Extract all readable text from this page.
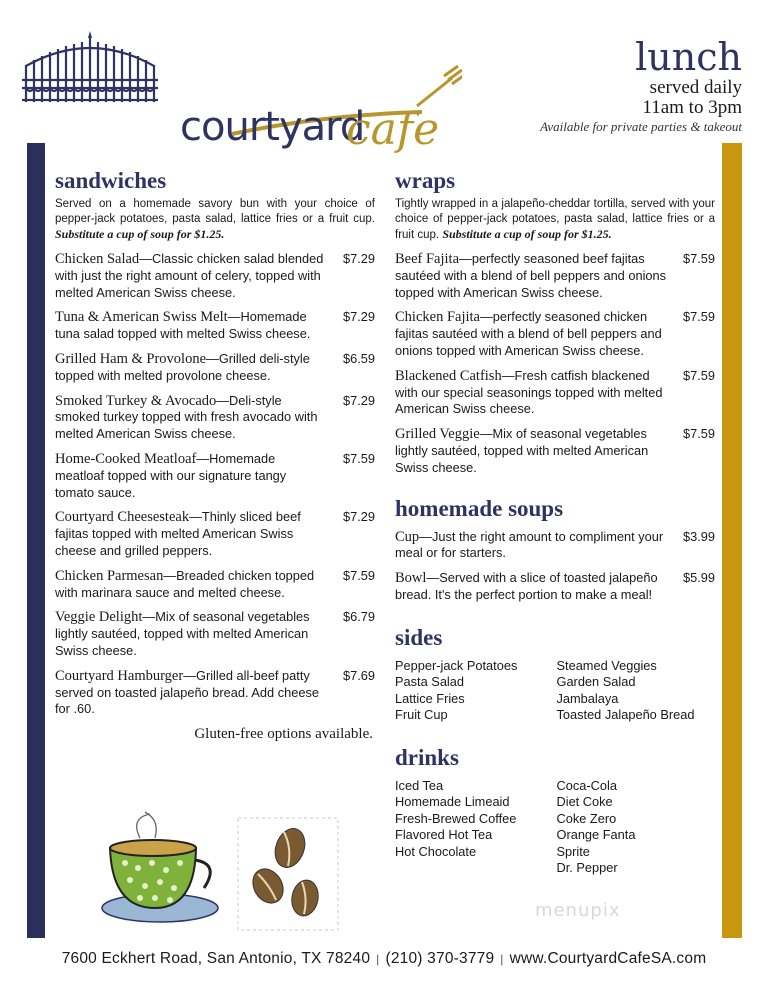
courtyard
cafe
lunch
served daily
11am to 3pm
Available for private parties & takeout
sandwiches

Served on a homemade savory bun with your choice of pepper-jack potatoes, pasta salad, lattice fries or a fruit cup. Substitute a cup of soup for $1.25.

$7.29
Chicken Salad—Classic chicken salad blended with just the right amount of celery, topped with melted American Swiss cheese.
$7.29
Tuna & American Swiss Melt—Homemade tuna salad topped with melted Swiss cheese.
$6.59
Grilled Ham & Provolone—Grilled deli-style topped with melted provolone cheese.
$7.29
Smoked Turkey & Avocado—Deli-style smoked turkey topped with fresh avocado with melted American Swiss cheese.
$7.59
Home-Cooked Meatloaf—Homemade meatloaf topped with our signature tangy tomato sauce.
$7.29
Courtyard Cheesesteak—Thinly sliced beef fajitas topped with melted American Swiss cheese and grilled peppers.
$7.59
Chicken Parmesan—Breaded chicken topped with marinara sauce and melted cheese.
$6.79
Veggie Delight—Mix of seasonal vegetables lightly sautéed, topped with melted American Swiss cheese.
$7.69
Courtyard Hamburger—Grilled all-beef patty served on toasted jalapeño bread. Add cheese for .60.
Gluten-free options available.
wraps

Tightly wrapped in a jalapeño-cheddar tortilla, served with your choice of pepper-jack potatoes, pasta salad, lattice fries or a fruit cup. Substitute a cup of soup for $1.25.

$7.59
Beef Fajita—perfectly seasoned beef fajitas sautéed with a blend of bell peppers and onions topped with American Swiss cheese.
$7.59
Chicken Fajita—perfectly seasoned chicken fajitas sautéed with a blend of bell peppers and onions topped with American Swiss cheese.
$7.59
Blackened Catfish—Fresh catfish blackened with our special seasonings topped with melted American Swiss cheese.
$7.59
Grilled Veggie—Mix of seasonal vegetables lightly sautéed, topped with melted American Swiss cheese.
homemade soups
$3.99
Cup—Just the right amount to compliment your meal or for starters.
$5.99
Bowl—Served with a slice of toasted jalapeño bread. It's the perfect portion to make a meal!
sides
Pepper-jack Potatoes
Pasta Salad
Lattice Fries
Fruit Cup
Steamed Veggies
Garden Salad
Jambalaya
Toasted Jalapeño Bread
drinks
Iced Tea
Homemade Limeaid
Fresh-Brewed Coffee
Flavored Hot Tea
Hot Chocolate
Coca-Cola
Diet Coke
Coke Zero
Orange Fanta
Sprite
Dr. Pepper
menupix
7600 Eckhert Road, San Antonio, TX 78240 | (210) 370-3779 | www.CourtyardCafeSA.com
